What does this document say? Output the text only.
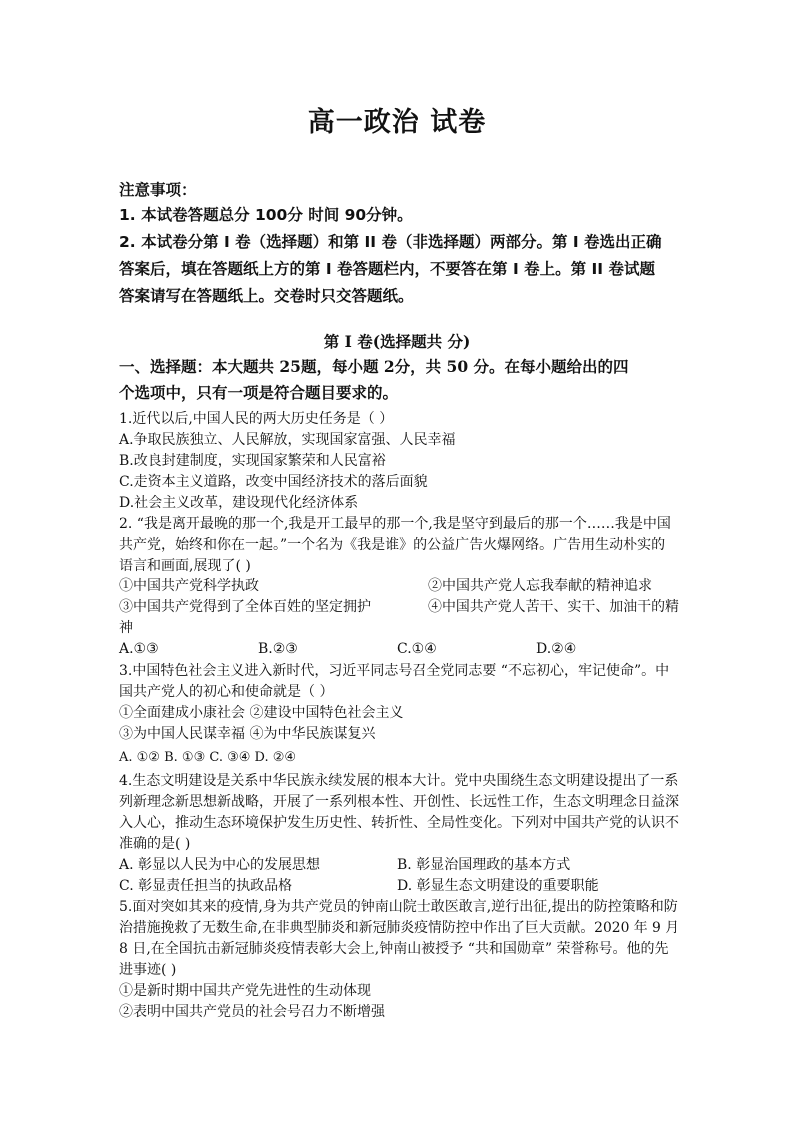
高一政治 试卷
注意事项：
1. 本试卷答题总分 100分 时间 90分钟。
2. 本试卷分第 I 卷（选择题）和第 II 卷（非选择题）两部分。第 I 卷选出正确
答案后，填在答题纸上方的第 I 卷答题栏内，不要答在第 I 卷上。第 II 卷试题
答案请写在答题纸上。交卷时只交答题纸。
第 I 卷(选择题共 分)
一、选择题：本大题共 25题，每小题 2分，共 50 分。在每小题给出的四
个选项中，只有一项是符合题目要求的。
1.近代以后,中国人民的两大历史任务是（ ）
A.争取民族独立、人民解放，实现国家富强、人民幸福
B.改良封建制度，实现国家繁荣和人民富裕
C.走资本主义道路，改变中国经济技术的落后面貌
D.社会主义改革，建设现代化经济体系
2. “我是离开最晚的那一个,我是开工最早的那一个,我是坚守到最后的那一个……我是中国
共产党，始终和你在一起。”一个名为《我是谁》的公益广告火爆网络。广告用生动朴实的
语言和画面,展现了( )
①中国共产党科学执政	②中国共产党人忘我奉献的精神追求
③中国共产党得到了全体百姓的坚定拥护	④中国共产党人苦干、实干、加油干的精
神
A.①③	B.②③	C.①④	D.②④
3.中国特色社会主义进入新时代，习近平同志号召全党同志要 “不忘初心，牢记使命”。中
国共产党人的初心和使命就是（ ）
①全面建成小康社会 ②建设中国特色社会主义
③为中国人民谋幸福 ④为中华民族谋复兴
A. ①② B. ①③ C. ③④ D. ②④
4.生态文明建设是关系中华民族永续发展的根本大计。党中央围绕生态文明建设提出了一系
列新理念新思想新战略，开展了一系列根本性、开创性、长远性工作，生态文明理念日益深
入人心，推动生态环境保护发生历史性、转折性、全局性变化。下列对中国共产党的认识不
准确的是( )
A. 彰显以人民为中心的发展思想	B. 彰显治国理政的基本方式
C. 彰显责任担当的执政品格	D. 彰显生态文明建设的重要职能
5.面对突如其来的疫情,身为共产党员的钟南山院士敢医敢言,逆行出征,提出的防控策略和防
治措施挽救了无数生命,在非典型肺炎和新冠肺炎疫情防控中作出了巨大贡献。2020 年 9 月
8 日,在全国抗击新冠肺炎疫情表彰大会上,钟南山被授予 “共和国勋章” 荣誉称号。他的先
进事迹( )
①是新时期中国共产党先进性的生动体现
②表明中国共产党员的社会号召力不断增强
